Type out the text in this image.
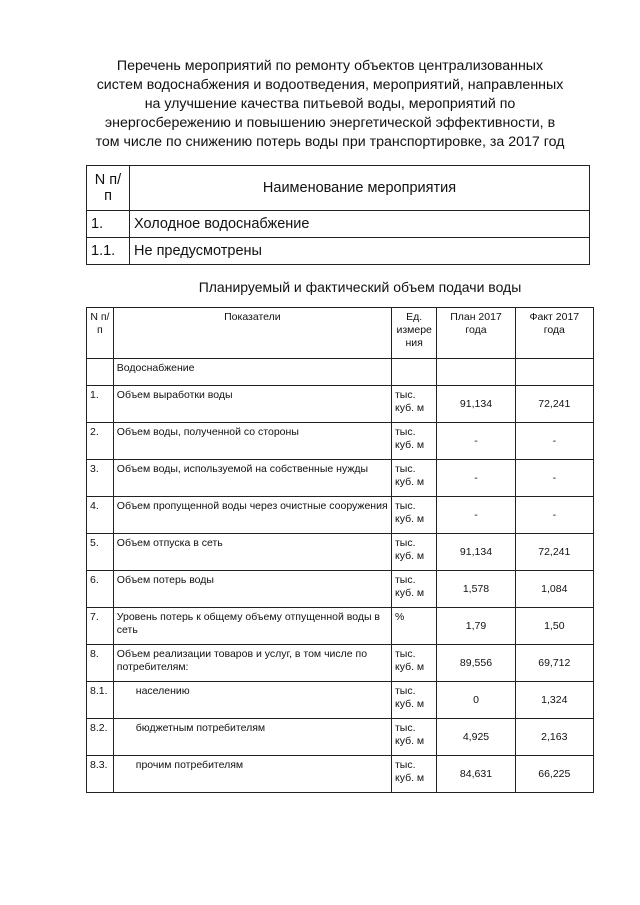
Перечень мероприятий по ремонту объектов централизованных
систем водоснабжения и водоотведения, мероприятий, направленных
на улучшение качества питьевой воды, мероприятий по
энергосбережению и повышению энергетической эффективности, в
том числе по снижению потерь воды при транспортировке, за 2017 год
N п/п	Наименование мероприятия
1.	Холодное водоснабжение
1.1.	Не предусмотрены
Планируемый и фактический объем подачи воды
N п/п	Показатели	Ед. измере ния	План 2017 года	Факт 2017 года
	Водоснабжение			
1.	Объем выработки воды	тыс. куб. м	91,134	72,241
2.	Объем воды, полученной со стороны	тыс. куб. м	-	-
3.	Объем воды, используемой на собственные нужды	тыс. куб. м	-	-
4.	Объем пропущенной воды через очистные сооружения	тыс. куб. м	-	-
5.	Объем отпуска в сеть	тыс. куб. м	91,134	72,241
6.	Объем потерь воды	тыс. куб. м	1,578	1,084
7.	Уровень потерь к общему объему отпущенной воды в сеть	%	1,79	1,50
8.	Объем реализации товаров и услуг, в том числе по потребителям:	тыс. куб. м	89,556	69,712
8.1.	населению	тыс. куб. м	0	1,324
8.2.	бюджетным потребителям	тыс. куб. м	4,925	2,163
8.3.	прочим потребителям	тыс. куб. м	84,631	66,225
